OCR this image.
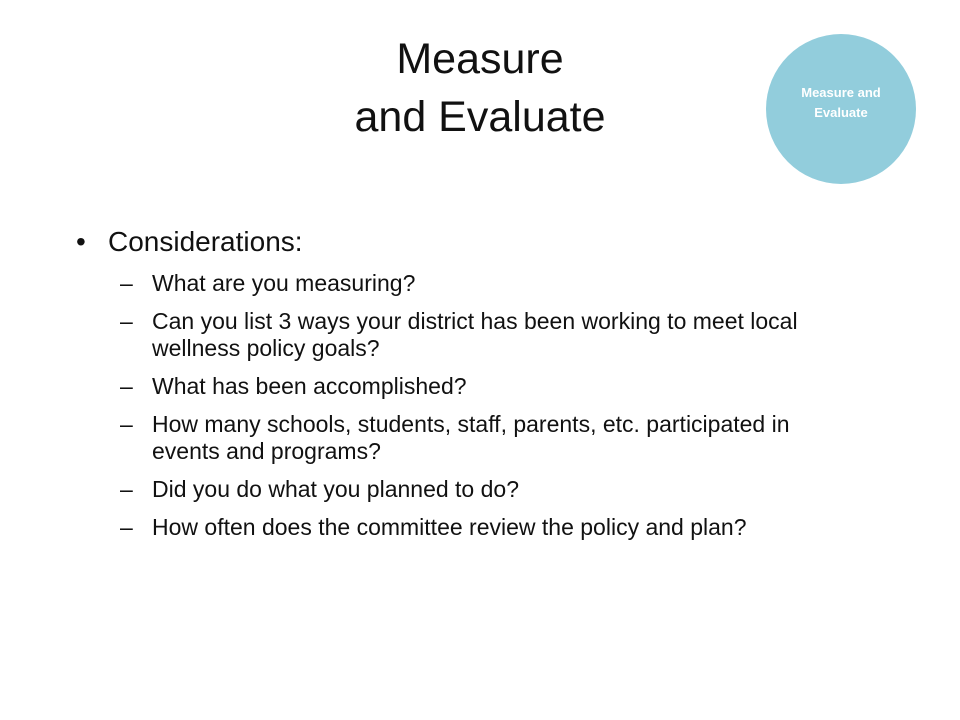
Measure
and Evaluate
Measure and
Evaluate
• Considerations:
– What are you measuring?
– Can you list 3 ways your district has been working to meet local wellness policy goals?
– What has been accomplished?
– How many schools, students, staff, parents, etc. participated in events and programs?
– Did you do what you planned to do?
– How often does the committee review the policy and plan?
